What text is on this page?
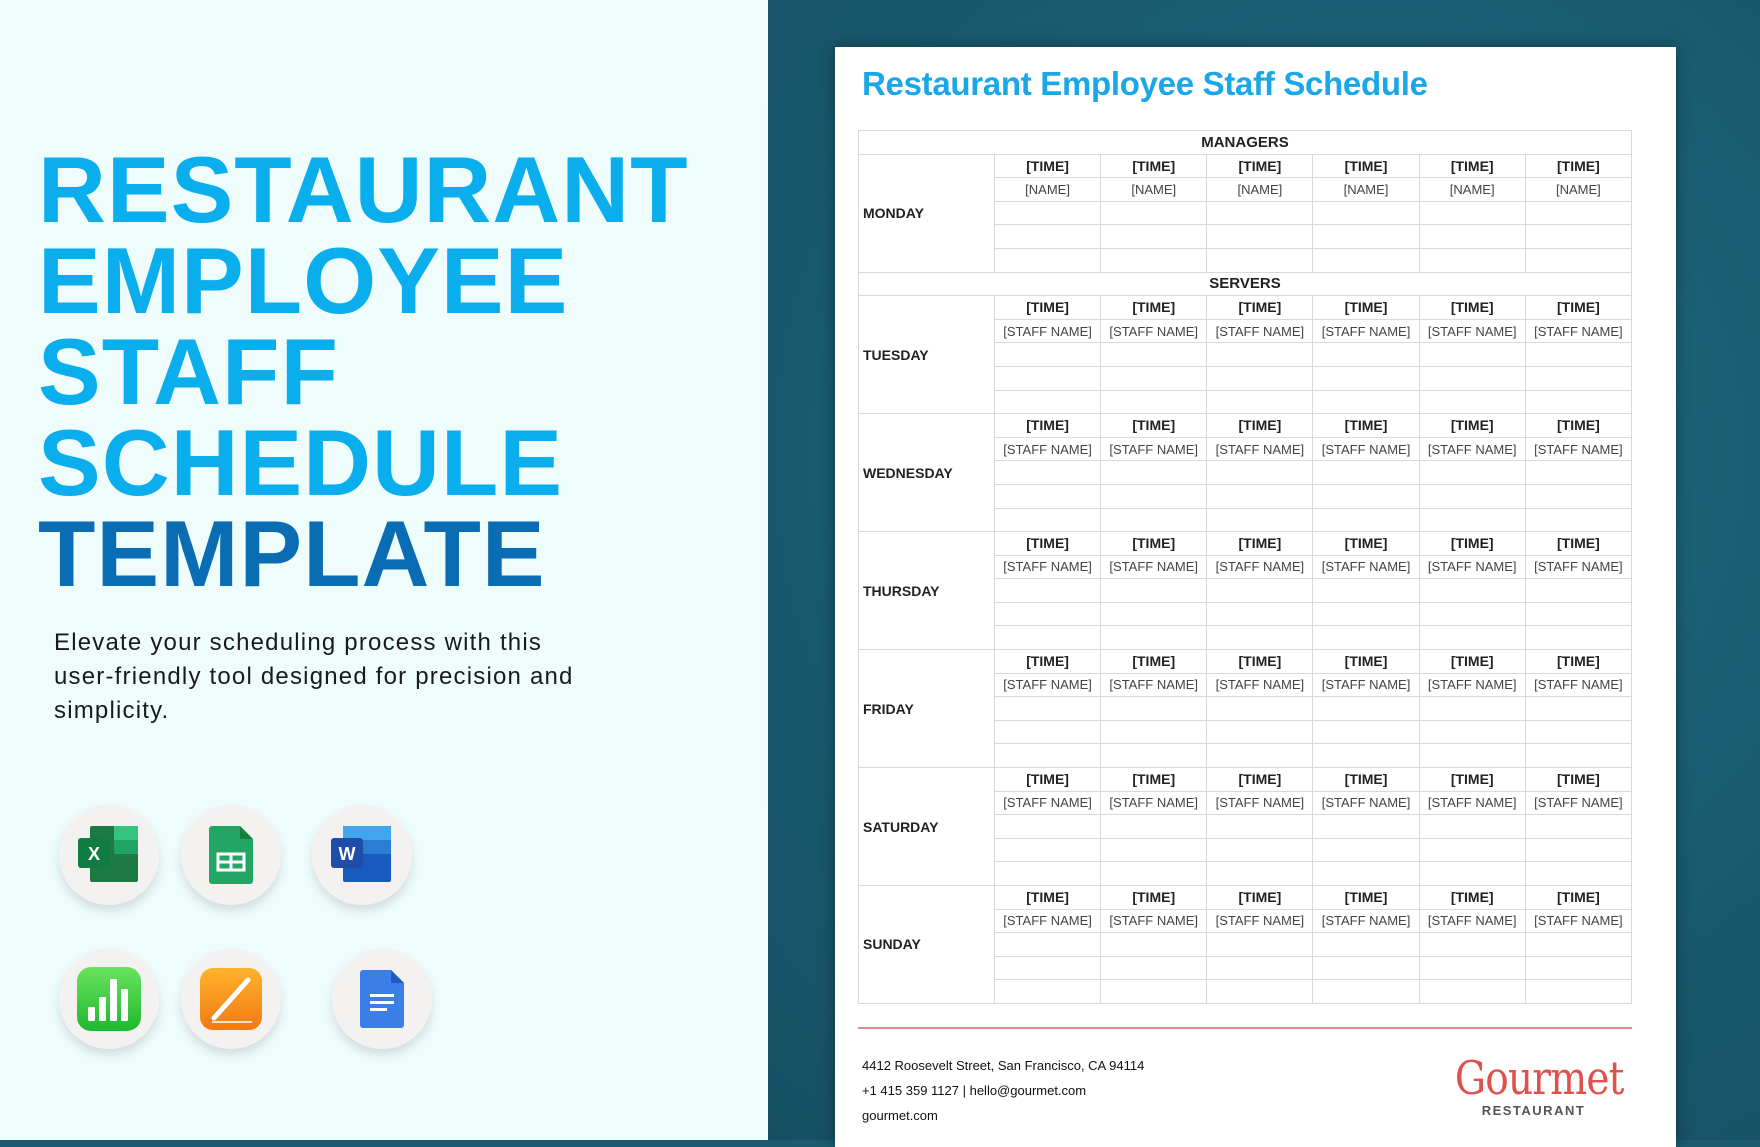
RESTAURANT
EMPLOYEE
STAFF
SCHEDULE
TEMPLATE
Elevate your scheduling process with this user-friendly tool designed for precision and simplicity.
X	W
Restaurant Employee Staff Schedule
MANAGERS						
MONDAY	[TIME]	[TIME]	[TIME]	[TIME]	[TIME]	[TIME]
	[NAME]	[NAME]	[NAME]	[NAME]	[NAME]	[NAME]

SERVERS						
TUESDAY	[TIME]	[TIME]	[TIME]	[TIME]	[TIME]	[TIME]
	[STAFF NAME]	[STAFF NAME]	[STAFF NAME]	[STAFF NAME]	[STAFF NAME]	[STAFF NAME]

WEDNESDAY	[TIME]	[TIME]	[TIME]	[TIME]	[TIME]	[TIME]
	[STAFF NAME]	[STAFF NAME]	[STAFF NAME]	[STAFF NAME]	[STAFF NAME]	[STAFF NAME]

THURSDAY	[TIME]	[TIME]	[TIME]	[TIME]	[TIME]	[TIME]
	[STAFF NAME]	[STAFF NAME]	[STAFF NAME]	[STAFF NAME]	[STAFF NAME]	[STAFF NAME]

FRIDAY	[TIME]	[TIME]	[TIME]	[TIME]	[TIME]	[TIME]
	[STAFF NAME]	[STAFF NAME]	[STAFF NAME]	[STAFF NAME]	[STAFF NAME]	[STAFF NAME]

SATURDAY	[TIME]	[TIME]	[TIME]	[TIME]	[TIME]	[TIME]
	[STAFF NAME]	[STAFF NAME]	[STAFF NAME]	[STAFF NAME]	[STAFF NAME]	[STAFF NAME]

SUNDAY	[TIME]	[TIME]	[TIME]	[TIME]	[TIME]	[TIME]
	[STAFF NAME]	[STAFF NAME]	[STAFF NAME]	[STAFF NAME]	[STAFF NAME]	[STAFF NAME]

4412 Roosevelt Street, San Francisco, CA 94114
+1 415 359 1127 | hello@gourmet.com
gourmet.com
Gourmet
RESTAURANT
